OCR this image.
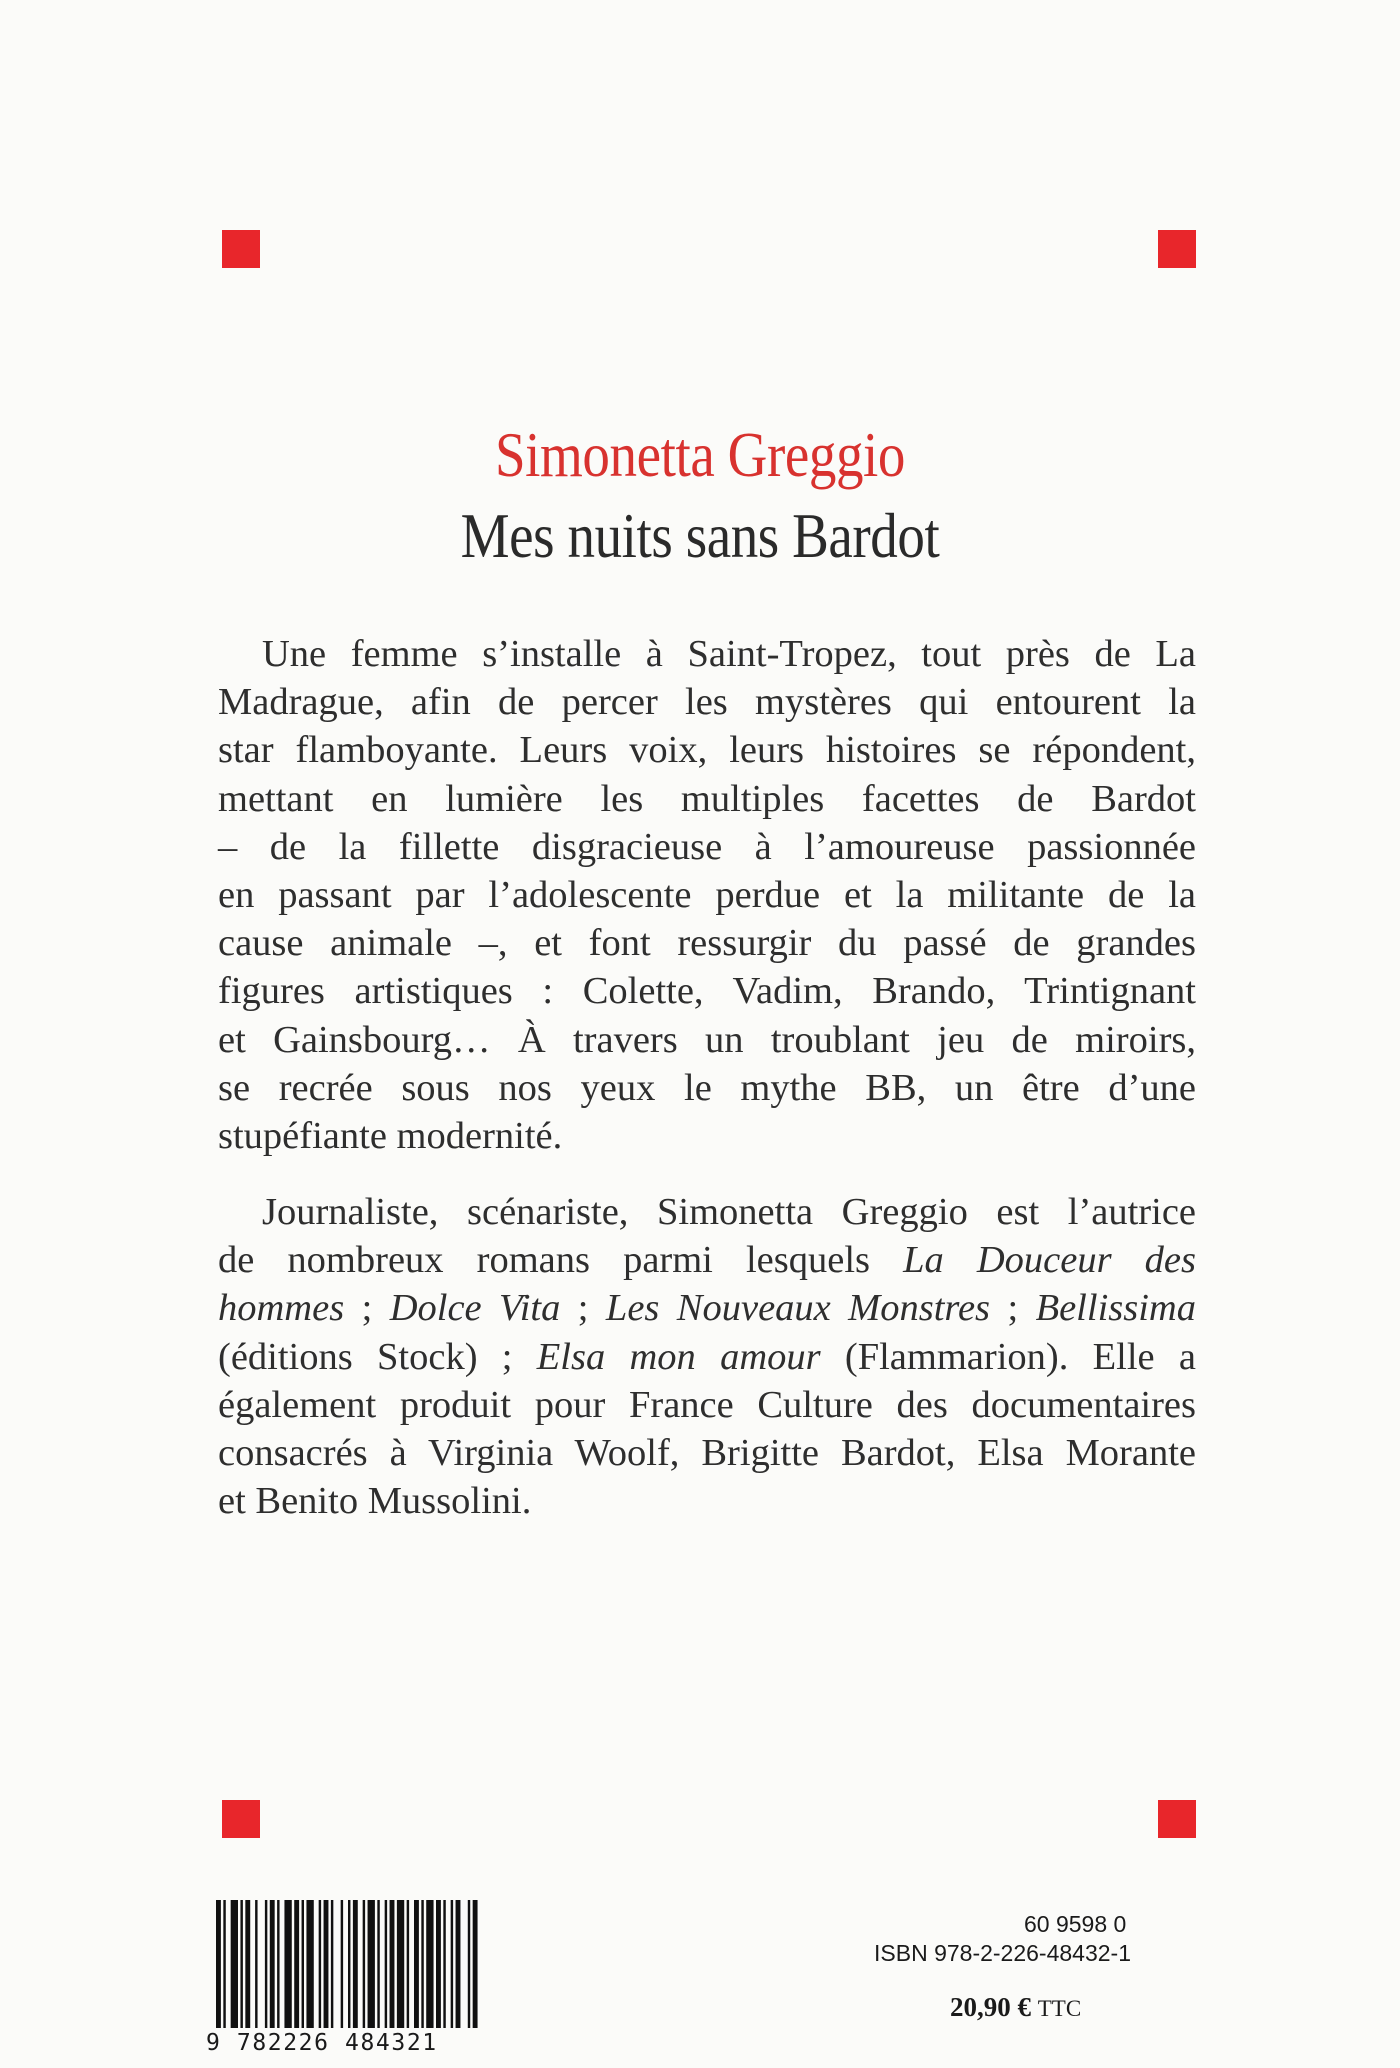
Simonetta Greggio
Mes nuits sans Bardot
Une femme s’installe à Saint-Tropez, tout près de La
Madrague, afin de percer les mystères qui entourent la
star flamboyante. Leurs voix, leurs histoires se répondent,
mettant en lumière les multiples facettes de Bardot
– de la fillette disgracieuse à l’amoureuse passionnée
en passant par l’adolescente perdue et la militante de la
cause animale –, et font ressurgir du passé de grandes
figures artistiques : Colette, Vadim, Brando, Trintignant
et Gainsbourg… À travers un troublant jeu de miroirs,
se recrée sous nos yeux le mythe BB, un être d’une
stupéfiante modernité.
Journaliste, scénariste, Simonetta Greggio est l’autrice
de nombreux romans parmi lesquels La Douceur des
hommes ; Dolce Vita ; Les Nouveaux Monstres ; Bellissima
(éditions Stock) ; Elsa mon amour (Flammarion). Elle a
également produit pour France Culture des documentaires
consacrés à Virginia Woolf, Brigitte Bardot, Elsa Morante
et Benito Mussolini.
9 782226 484321
60 9598 0
ISBN 978-2-226-48432-1
20,90 € TTC
